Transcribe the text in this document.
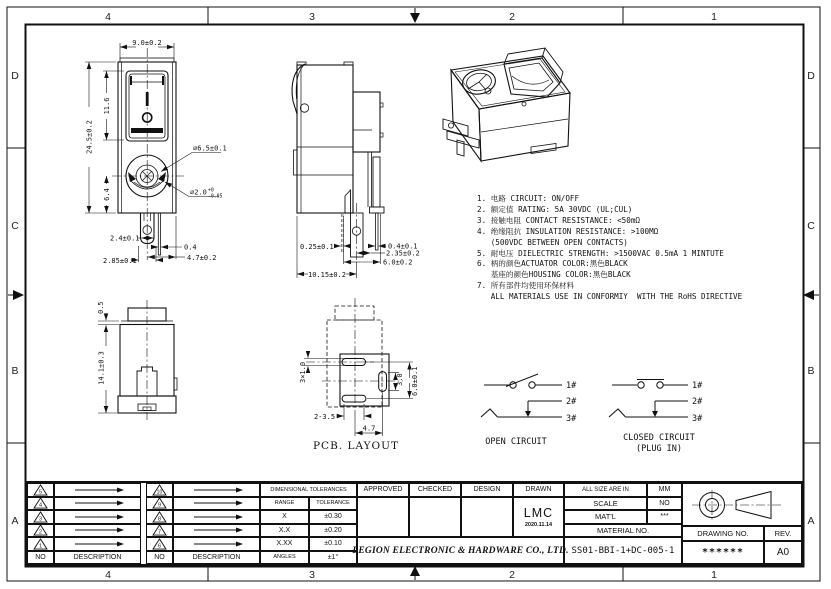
1. 电路 CIRCUIT: ON/OFF
2. 额定值 RATING: 5A 30VDC (UL;CUL)
3. 接触电阻 CONTACT RESISTANCE: <50mΩ
4. 绝缘阻抗 INSULATION RESISTANCE: >100MΩ
(500VDC BETWEEN OPEN CONTACTS)
5. 耐电压 DIELECTRIC STRENGTH: >1500VAC 0.5mA 1 MINTUTE
6. 柄的颜色ACTUATOR COLOR:黑色BLACK
基座的颜色HOUSING COLOR:黑色BLACK
7. 所有部件均使用环保材料
ALL MATERIALS USE IN CONFORMIY  WITH THE RoHS DIRECTIVE
5
4
3
2
1
NO	DESCRIPTION
10
9
8
7
6
NO	DESCRIPTION
DIMENSIONAL TOLERANCES
RANGE	TOLERANCE
X	±0.30
X.X	±0.20
X.XX	±0.10
ANGLES	±1°
APPROVED	CHECKED	DESIGN	DRAWN
LMC
2020.11.14
LEGION ELECTRONIC & HARDWARE CO., LTD.
ALL SIZE ARE IN	MM
SCALE	NO
MAT'L	***
MATERIAL NO.
SS01-BBI-1+DC-005-1
DRAWING NO.	REV.
******	A0
4	3	2	1
4	3	2	1
D
C
B
A
D
C
B
A
PCB. LAYOUT
9.0±0.2
24.5±0.2
11.6
6.4
⌀6.5±0.1
⌀2.0 +0
-0.05
2.4±0.1
2.85±0.1
0.4
4.7±0.2
10.15±0.2
0.25±0.1	0.4±0.1
2.35±0.2
6.0±0.2
0.5
14.1±0.3	3×1.0	3.0 6.0±0.1
2-3.5
4.7
1#
2#
3#
1#
2#
3#
OPEN CIRCUIT	CLOSED CIRCUIT
(PLUG IN)
